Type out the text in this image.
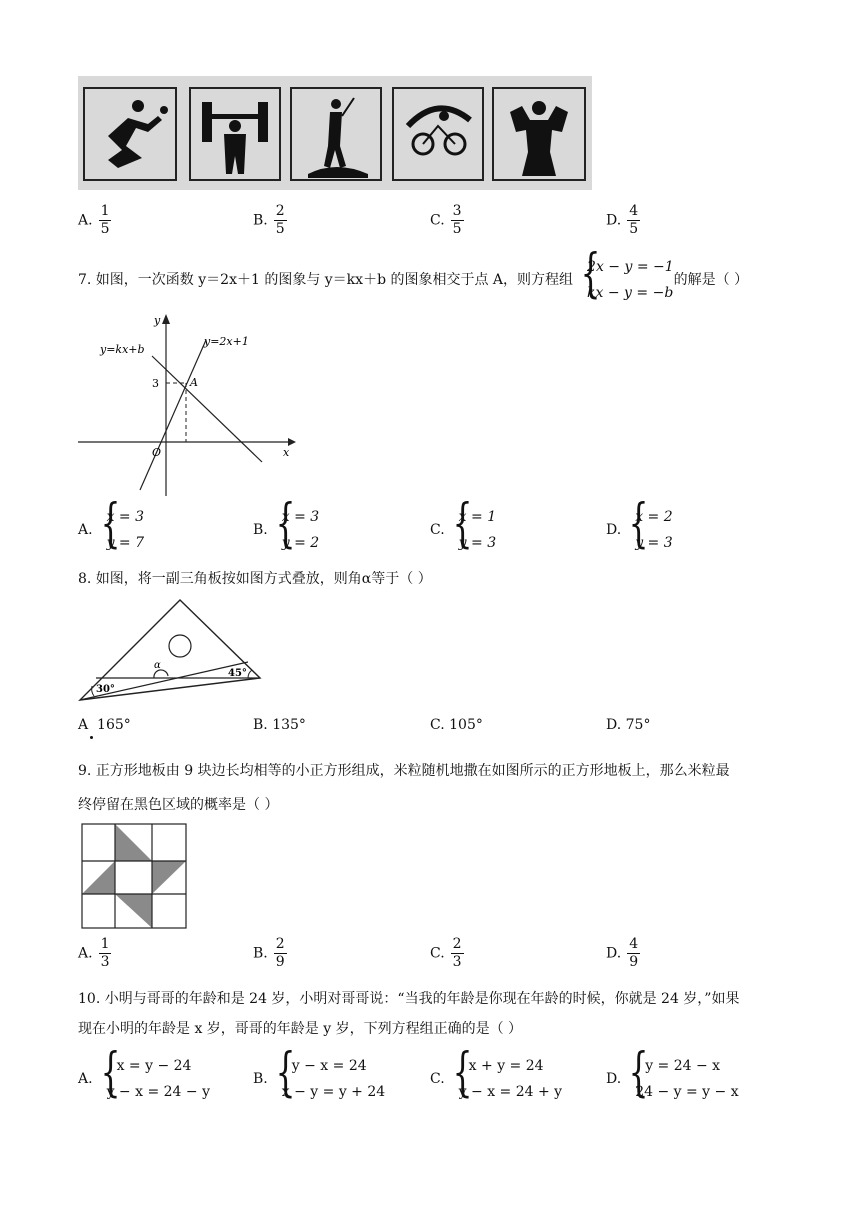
A. $\frac{1}{5}$	B. $\frac{2}{5}$	C. $\frac{3}{5}$	D. $\frac{4}{5}$
7. 如图，一次函数 y＝2x＋1 的图象与 y＝kx＋b 的图象相交于点 A，则方程组
{ 2x − y = −1
kx − y = −b
的解是（ ）
y=kx+b
y=2x+1
A
3
O	x
y
A.
{ x = 3
y = 7
B.
{ x = 3
y = 2
C.
{ x = 1
y = 3
D.
{ x = 2
y = 3
8. 如图，将一副三角板按如图方式叠放，则角α等于（ ）
α
30°
45°
A 165°	B. 135°	C. 105°	D. 75°
9. 正方形地板由 9 块边长均相等的小正方形组成，米粒随机地撒在如图所示的正方形地板上，那么米粒最
终停留在黑色区域的概率是（ ）
A. $\frac{1}{3}$	B. $\frac{2}{9}$	C. $\frac{2}{3}$	D. $\frac{4}{9}$
10. 小明与哥哥的年龄和是 24 岁，小明对哥哥说：“当我的年龄是你现在年龄的时候，你就是 24 岁，”如果
现在小明的年龄是 x 岁，哥哥的年龄是 y 岁，下列方程组正确的是（ ）
A.
{ x = y − 24
y − x = 24 − y
B.
{ y − x = 24
x − y = y + 24
C.
{ x + y = 24
y − x = 24 + y
D.
{ y = 24 − x
24 − y = y − x
